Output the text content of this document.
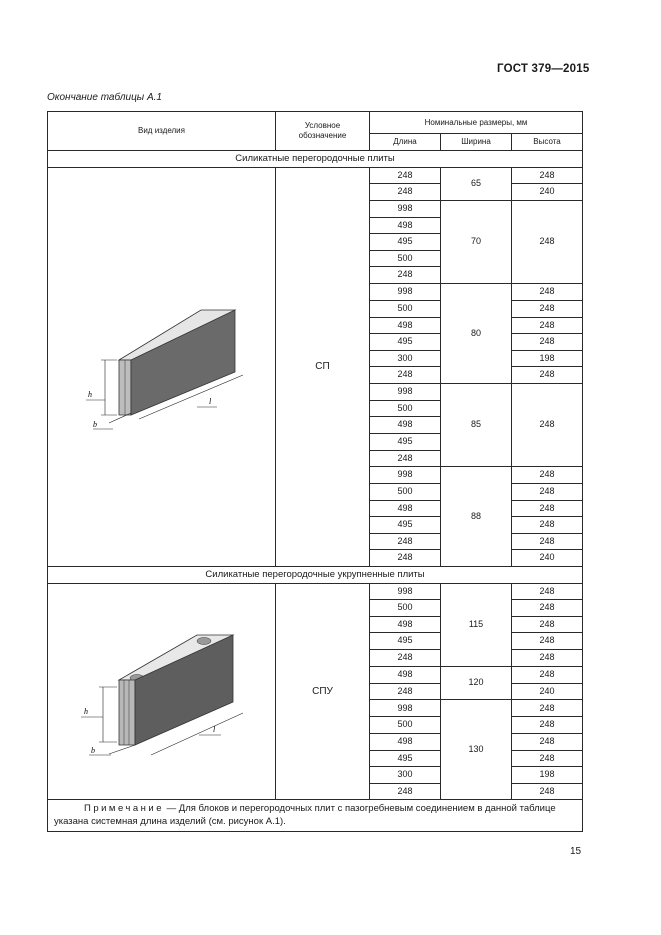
ГОСТ 379—2015
Окончание таблицы А.1
Вид изделия	Условное обозначение	Номинальные размеры, мм		
		Длина	Ширина	Высота
Силикатные перегородочные плиты				

h
b
l	СП	248	65	248
		248		240
		998	70	248
		498		
		495		
		500		
		248		
		998	80	248
		500		248
		498		248
		495		248
		300		198
		248		248
		998	85	248
		500		
		498		
		495		
		248		
		998	88	248
		500		248
		498		248
		495		248
		248		248
		248		240
Силикатные перегородочные укрупненные плиты				

h
b
l	СПУ	998	115	248
		500		248
		498		248
		495		248
		248		248
		498	120	248
		248		240
		998	130	248
		500		248
		498		248
		495		248
		300		198
		248		248
Примечание — Для блоков и перегородочных плит с пазогребневым соединением в данной таблице указана системная длина изделий (см. рисунок А.1).				
15
